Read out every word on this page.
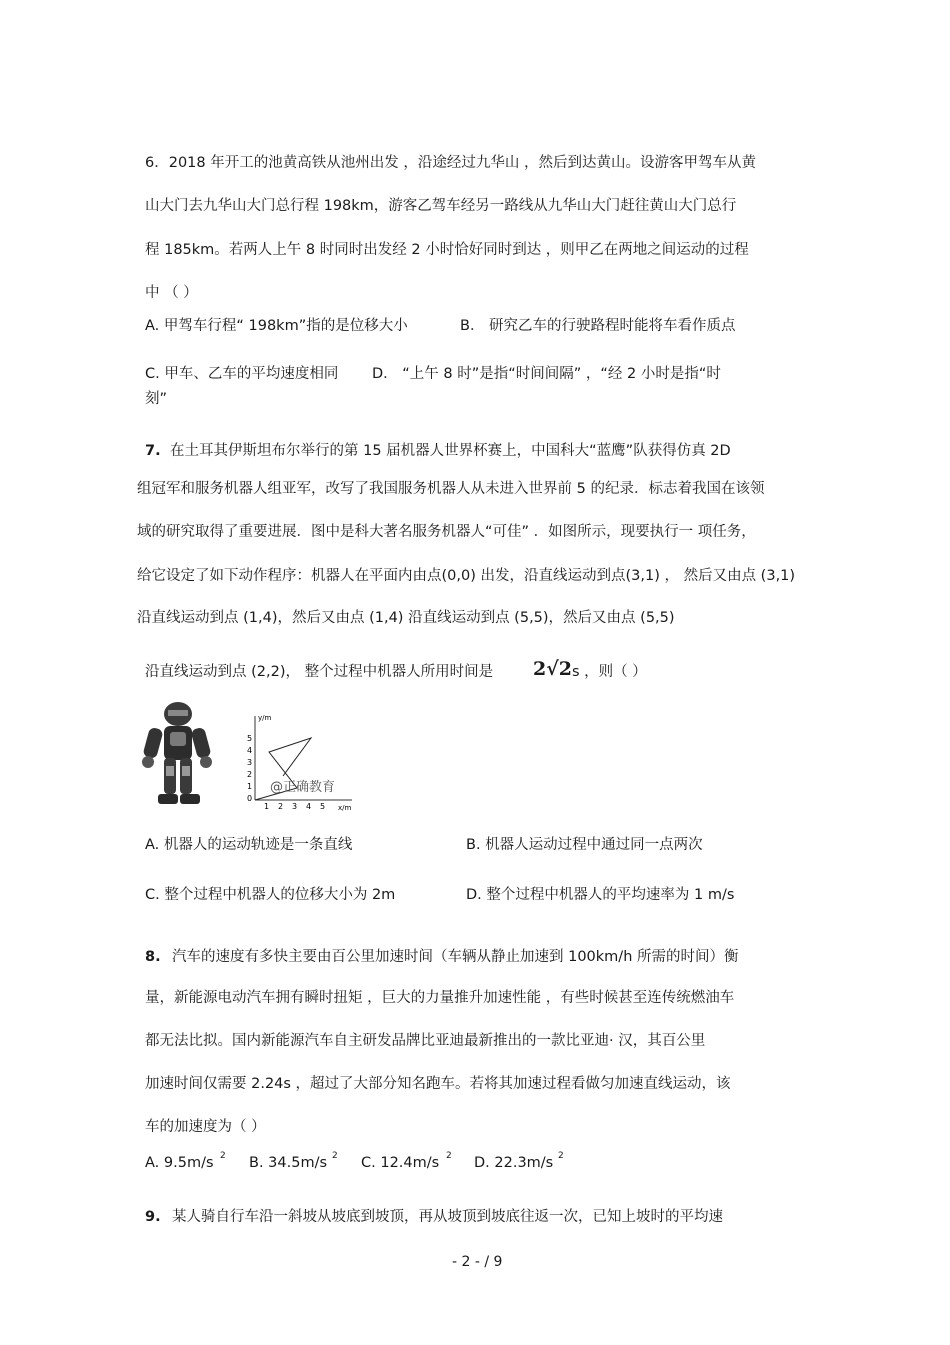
6．2018 年开工的池黄高铁从池州出发 ，沿途经过九华山 ，然后到达黄山。设游客甲驾车从黄
山大门去九华山大门总行程 198km，游客乙驾车经另一路线从九华山大门赶往黄山大门总行
程 185km。若两人上午 8 时同时出发经 2 小时恰好同时到达 ，则甲乙在两地之间运动的过程
中 （ ）
A. 甲驾车行程“ 198km”指的是位移大小	B． 研究乙车的行驶路程时能将车看作质点
C. 甲车、乙车的平均速度相同 D． “上午 8 时”是指“时间间隔” ，“经 2 小时是指“时
刻”
7. 在土耳其伊斯坦布尔举行的第 15 届机器人世界杯赛上，中国科大“蓝鹰”队获得仿真 2D
组冠军和服务机器人组亚军，改写了我国服务机器人从未进入世界前 5 的纪录．标志着我国在该领
域的研究取得了重要进展．图中是科大著名服务机器人“可佳” ．如图所示，现要执行一 项任务，
给它设定了如下动作程序：机器人在平面内由点(0,0) 出发，沿直线运动到点(3,1) ， 然后又由点 (3,1)
沿直线运动到点 (1,4)，然后又由点 (1,4) 沿直线运动到点 (5,5)，然后又由点 (5,5)
沿直线运动到点 (2,2)， 整个过程中机器人所用时间是 2√2 s ，则（ ）
y/m
x/m
5
4
3
2
1
0
1 2 3 4 5
@正确教育
A. 机器人的运动轨迹是一条直线	B. 机器人运动过程中通过同一点两次
C. 整个过程中机器人的位移大小为 2m	D. 整个过程中机器人的平均速率为 1 m/s
8. 汽车的速度有多快主要由百公里加速时间（车辆从静止加速到 100km/h 所需的时间）衡
量，新能源电动汽车拥有瞬时扭矩 ，巨大的力量推升加速性能 ，有些时候甚至连传统燃油车
都无法比拟。国内新能源汽车自主研发品牌比亚迪最新推出的一款比亚迪· 汉，其百公里
加速时间仅需要 2.24s ，超过了大部分知名跑车。若将其加速过程看做匀加速直线运动，该
车的加速度为（ ）
A. 9.5m/s 2 B. 34.5m/s 2 C. 12.4m/s 2 D. 22.3m/s 2
9. 某人骑自行车沿一斜坡从坡底到坡顶，再从坡顶到坡底往返一次，已知上坡时的平均速
- 2 - / 9
